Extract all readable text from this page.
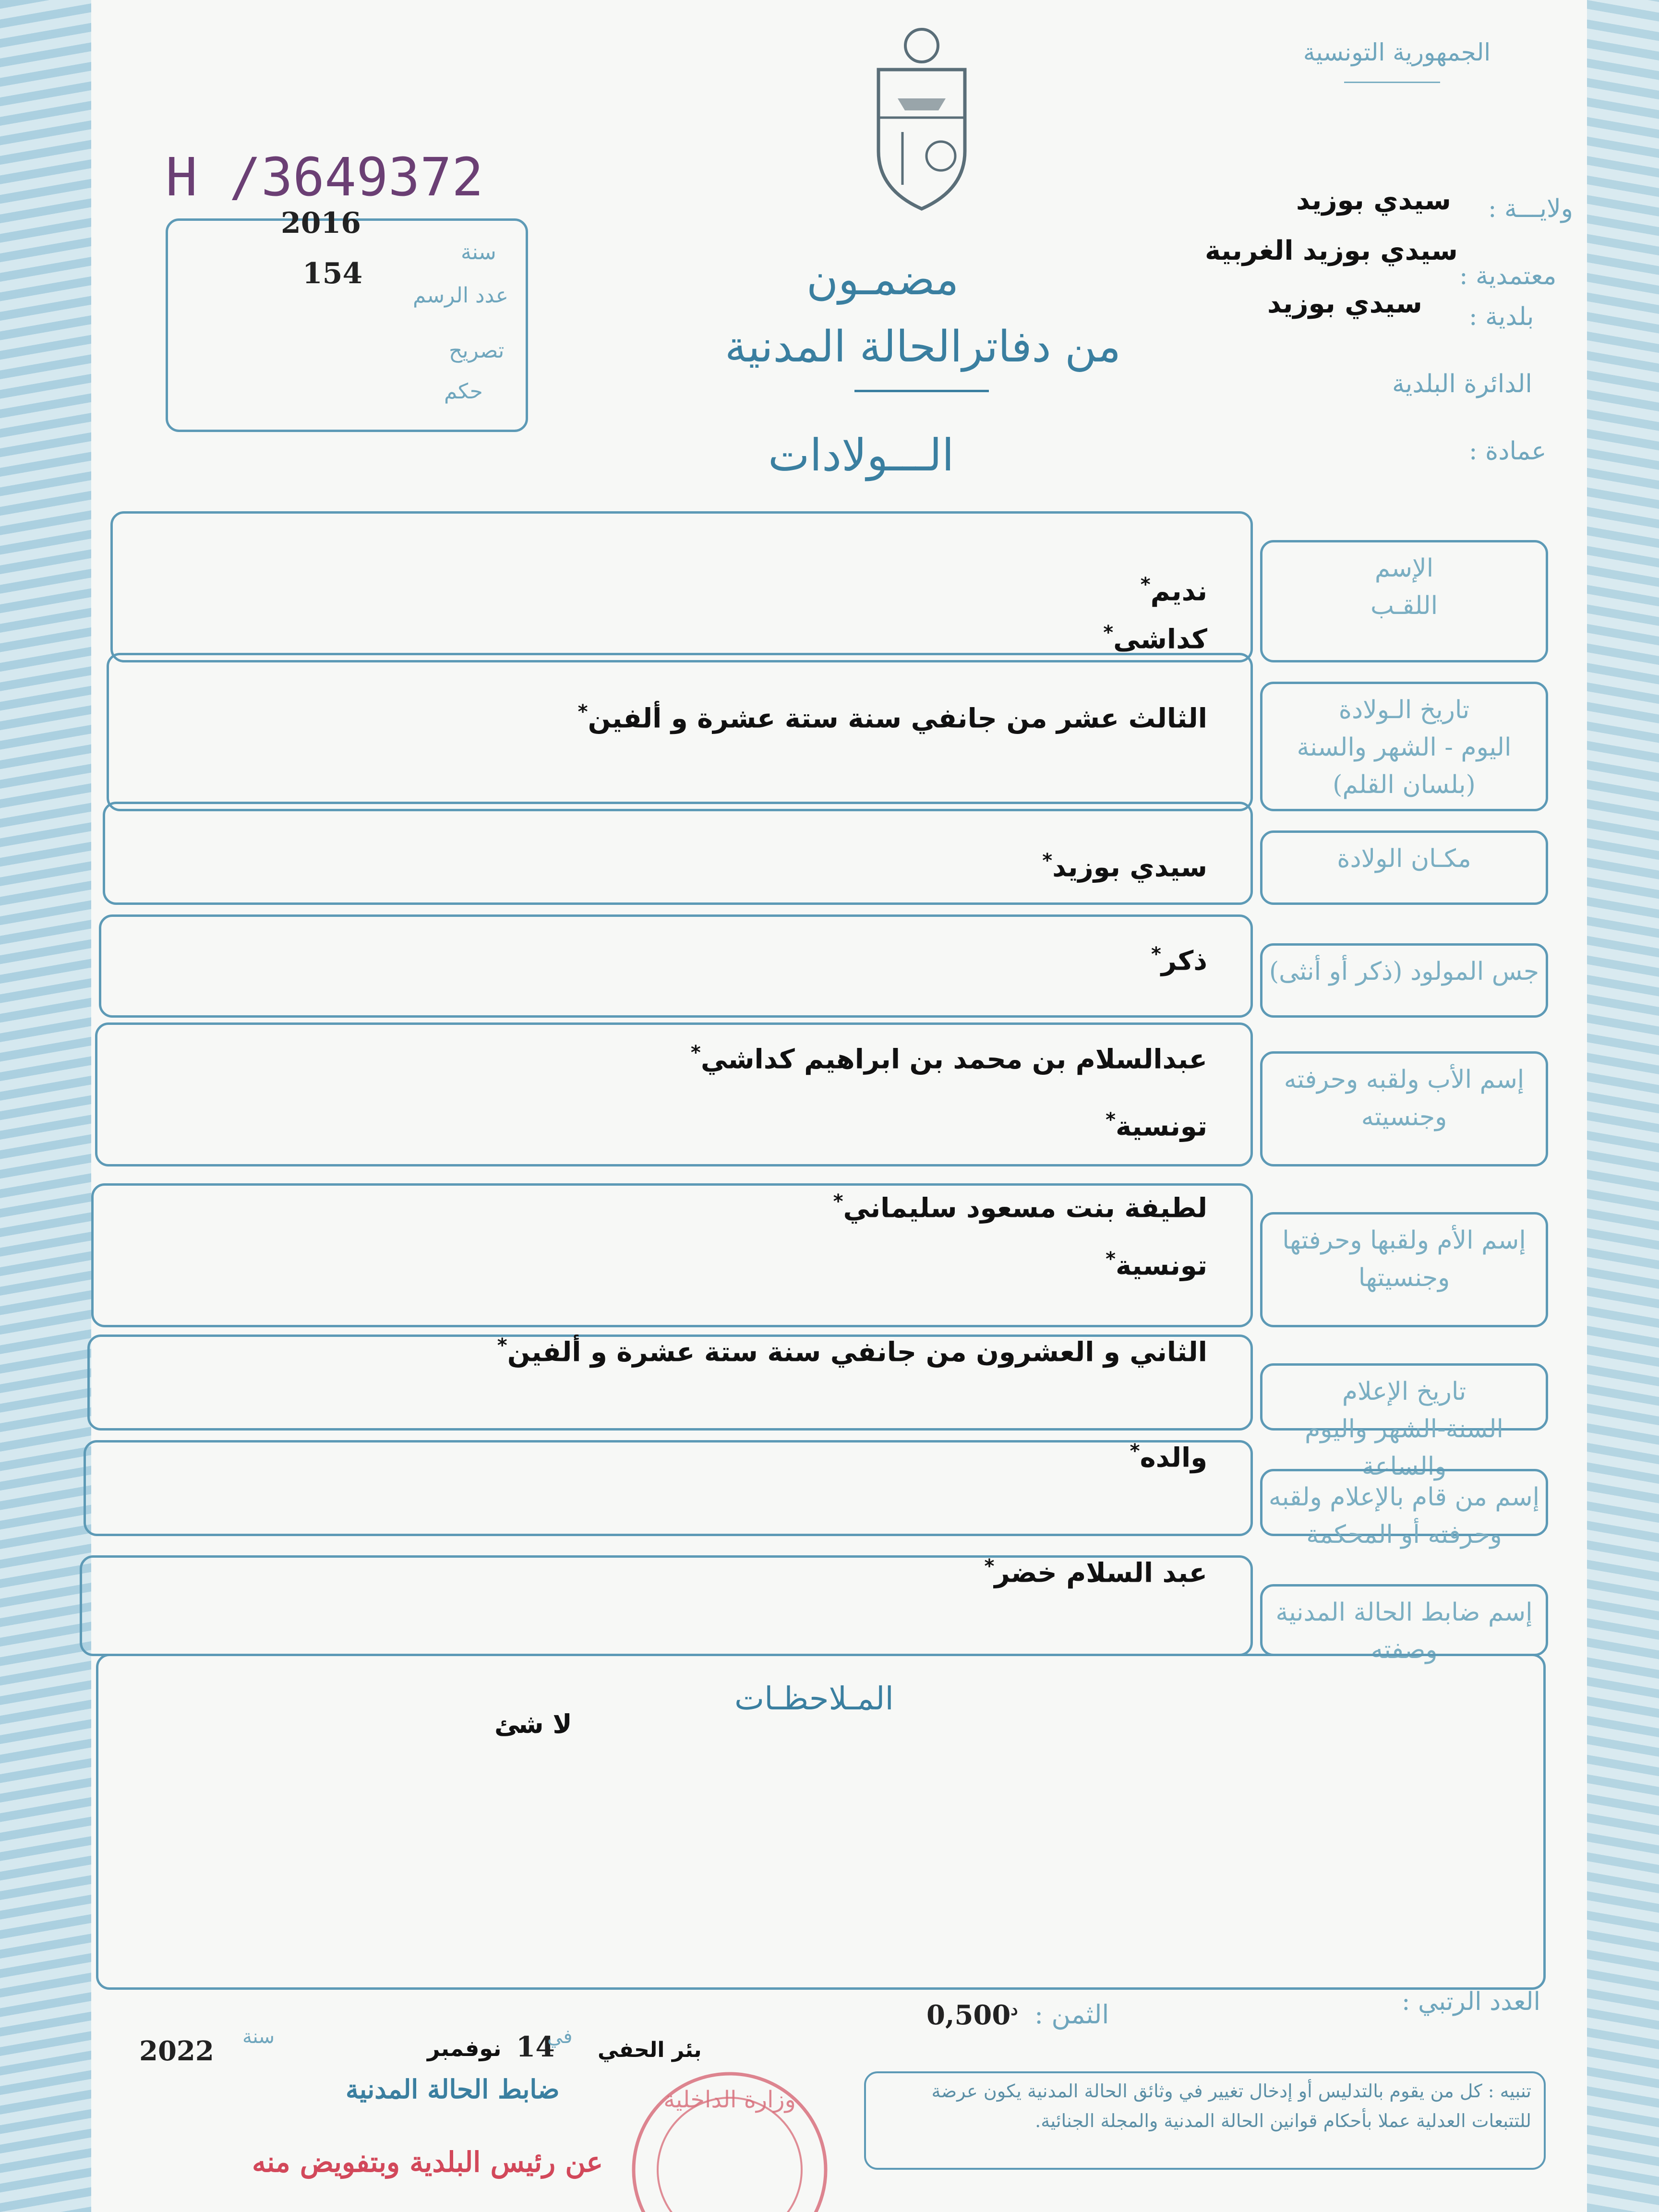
الجمهورية التونسية
H /3649372
2016
سنة
154
عدد الرسم
تصريح
حكم
مضمـون
من دفاترالحالة المدنية
الـــولادات
ولايـــة :
سيدي بوزيد
معتمدية :
سيدي بوزيد الغربية
بلدية :
سيدي بوزيد
الدائرة البلدية
عمادة :
الإسم
اللقـب
نديم*
كداشي*
تاريخ الـولادة
اليوم - الشهر والسنة
(بلسان القلم)
الثالث عشر من جانفي سنة ستة عشرة و ألفين*
مكـان الولادة
سيدي بوزيد*
جس المولود (ذكر أو أنثى)
ذكر*
إسم الأب ولقبه وحرفته
وجنسيته
عبدالسلام بن محمد بن ابراهيم كداشي*
تونسية*
إسم الأم ولقبها وحرفتها
وجنسيتها
لطيفة بنت مسعود سليماني*
تونسية*
تاريخ الإعلام
السنة-الشهر واليوم والساعة
الثاني و العشرون من جانفي سنة ستة عشرة و ألفين*
إسم من قام بالإعلام ولقبه
وحرفته أو المحكمة
والده*
إسم ضابط الحالة المدنية
وصفته
عبد السلام خضر*
المـلاحظـات
لا شئ
العدد الرتبي :
الثمن :
$0,500^د$
2022 سنة	نوفمبر 14
في
بئر الحفي
ضابط الحالة المدنية
عن رئيس البلدية وبتفويض منه
وزارة الداخلية	تنبيه : كل من يقوم بالتدليس أو إدخال تغيير في وثائق الحالة المدنية يكون عرضة للتتبعات العدلية عملا بأحكام قوانين الحالة المدنية والمجلة الجنائية.
